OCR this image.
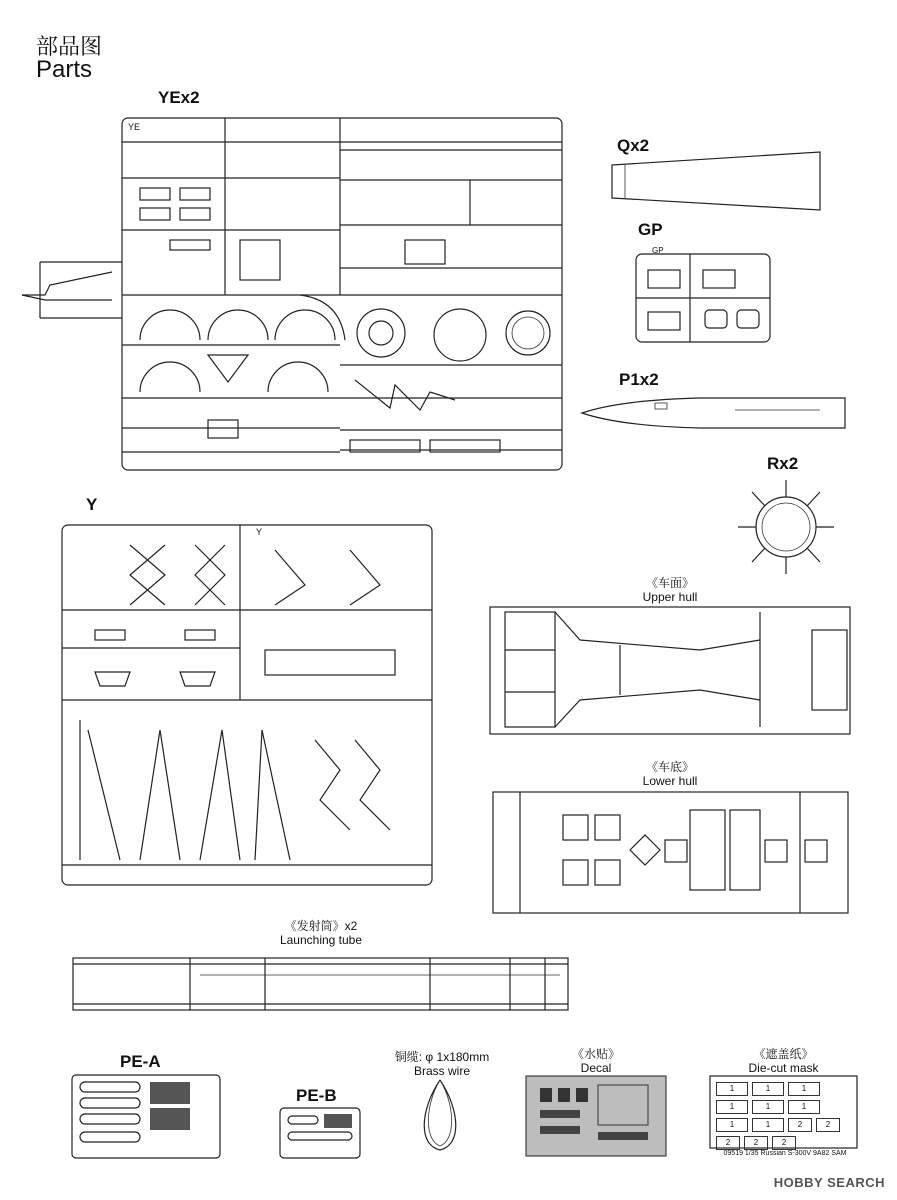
部品图
Parts
YEx2
YE
Qx2
GP
GP
P1x2
Rx2
Y
Y
《车面》
Upper hull
《车底》
Lower hull
《发射筒》x2
Launching tube
PE-A
PE-B
铜缆: φ 1x180mm
Brass wire
《水贴》
Decal
《遮盖纸》
Die-cut mask
1	1	1
1	1	1
1	1	2	2
2	2	2
09519 1/35 Russian S-300V 9A82 SAM
HOBBY SEARCH
